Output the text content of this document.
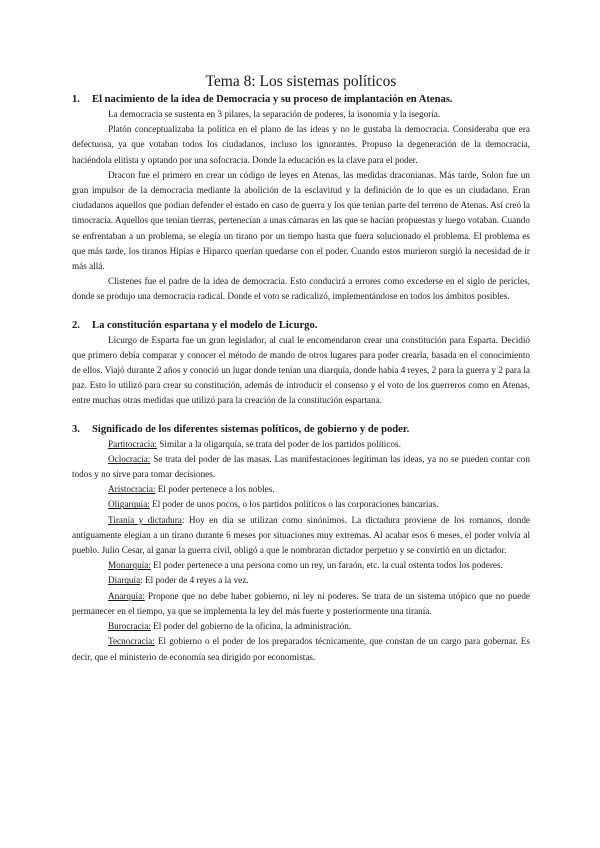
Tema 8: Los sistemas políticos
1. El nacimiento de la idea de Democracia y su proceso de implantación en Atenas.

La democracia se sustenta en 3 pilares, la separación de poderes, la isonomía y la isegoría.

Platón conceptualizaba la política en el plano de las ideas y no le gustaba la democracia. Consideraba que era defectuosa, ya que votaban todos los ciudadanos, incluso los ignorantes. Propuso la degeneración de la democracia, haciéndola elitista y optando por una sofocracia. Donde la educación es la clave para el poder.

Dracon fue el primero en crear un código de leyes en Atenas, las medidas draconianas. Más tarde, Solon fue un gran impulsor de la democracia mediante la abolición de la esclavitud y la definición de lo que es un ciudadano. Eran ciudadanos aquellos que podían defender el estado en caso de guerra y los que tenían parte del terreno de Atenas. Así creó la timocracia. Aquellos que tenían tierras, pertenecían a unas cámaras en las que se hacían propuestas y luego votaban. Cuando se enfrentaban a un problema, se elegía un tirano por un tiempo hasta que fuera solucionado el problema. El problema es que más tarde, los tiranos Hipias e Hiparco querían quedarse con el poder. Cuando estos murieron surgió la necesidad de ir más allá.

Clistenes fue el padre de la idea de democracia. Esto conducirá a errores como excederse en el siglo de pericles, donde se produjo una democracia radical. Donde el voto se radicalizó, implementándose en todos los ámbitos posibles.

2. La constitución espartana y el modelo de Licurgo.

Licurgo de Esparta fue un gran legislador, al cual le encomendaron crear una constitución para Esparta. Decidió que primero debía comparar y conocer el método de mando de otros lugares para poder crearla, basada en el conocimiento de ellos. Viajó durante 2 años y conoció un lugar donde tenían una diarquía, donde había 4 reyes, 2 para la guerra y 2 para la paz. Esto lo utilizó para crear su constitución, además de introducir el consenso y el voto de los guerreros como en Atenas, entre muchas otras medidas que utilizó para la creación de la constitución espartana.

3. Significado de los diferentes sistemas políticos, de gobierno y de poder.

Partitocracia: Similar a la oligarquía, se trata del poder de los partidos políticos.

Oclocracia: Se trata del poder de las masas. Las manifestaciones legitiman las ideas, ya no se pueden contar con todos y no sirve para tomar decisiones.

Aristocracia: El poder pertenece a los nobles.

Oligarquía: El poder de unos pocos, o los partidos políticos o las corporaciones bancarias.

Tiranía y dictadura: Hoy en día se utilizan como sinónimos. La dictadura proviene de los romanos, donde antiguamente elegían a un tirano durante 6 meses por situaciones muy extremas. Al acabar esos 6 meses, el poder volvía al pueblo. Julio Cesar, al ganar la guerra civil, obligó a que le nombraran dictador perpetuo y se convirtió en un dictador.

Monarquía: El poder pertenece a una persona como un rey, un faraón, etc. la cual ostenta todos los poderes.

Diarquía: El poder de 4 reyes a la vez.

Anarquía: Propone que no debe haber gobierno, ni ley ni poderes. Se trata de un sistema utópico que no puede permanecer en el tiempo, ya que se implementa la ley del más fuerte y posteriormente una tiranía.

Burocracia: El poder del gobierno de la oficina, la administración.

Tecnocracia: El gobierno o el poder de los preparados técnicamente, que constan de un cargo para gobernar. Es decir, que el ministerio de economía sea dirigido por economistas.
